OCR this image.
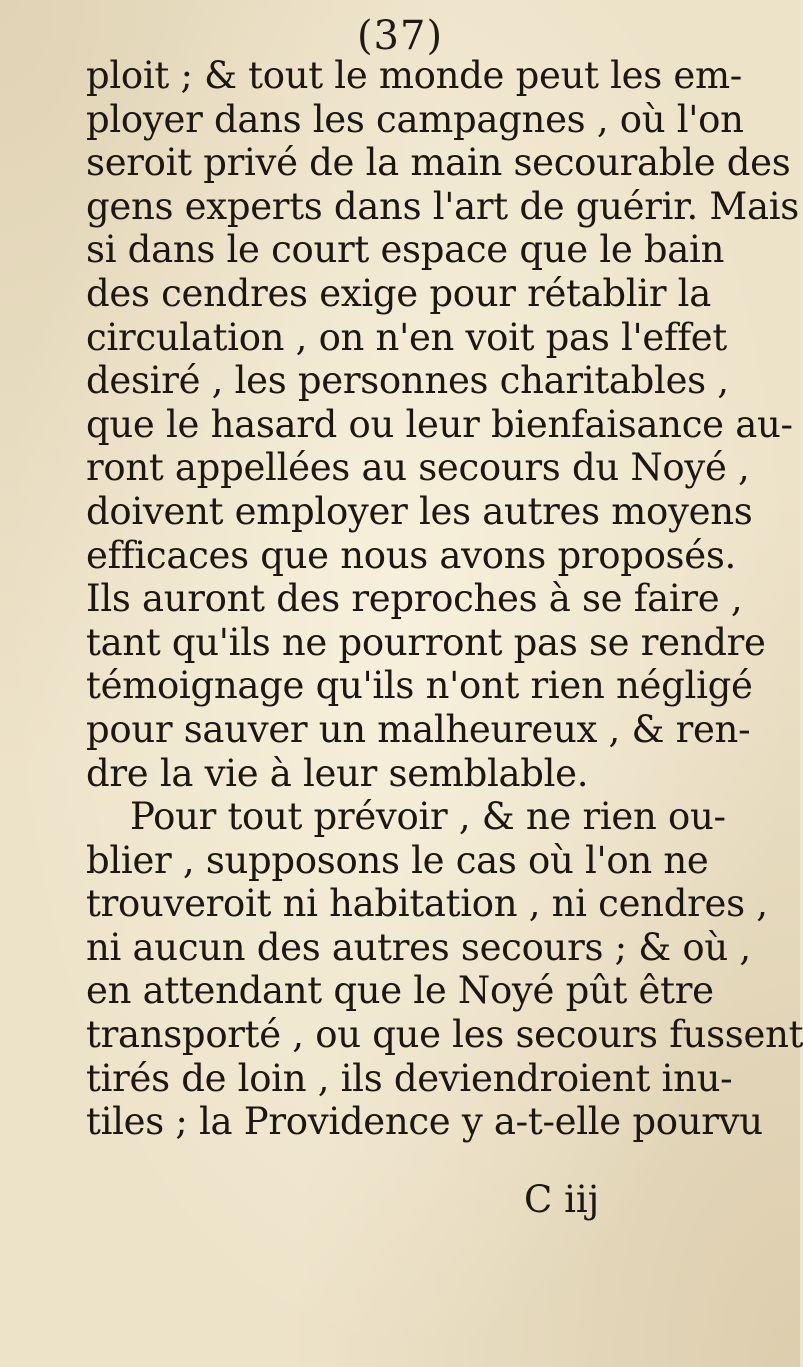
(37)
ploit ; & tout le monde peut les em-
ployer dans les campagnes , où l'on
seroit privé de la main secourable des
gens experts dans l'art de guérir. Mais
si dans le court espace que le bain
des cendres exige pour rétablir la
circulation , on n'en voit pas l'effet
desiré , les personnes charitables ,
que le hasard ou leur bienfaisance au-
ront appellées au secours du Noyé ,
doivent employer les autres moyens
efficaces que nous avons proposés.
Ils auront des reproches à se faire ,
tant qu'ils ne pourront pas se rendre
témoignage qu'ils n'ont rien négligé
pour sauver un malheureux , & ren-
dre la vie à leur semblable.
Pour tout prévoir , & ne rien ou-
blier , supposons le cas où l'on ne
trouveroit ni habitation , ni cendres ,
ni aucun des autres secours ; & où ,
en attendant que le Noyé pût être
transporté , ou que les secours fussent
tirés de loin , ils deviendroient inu-
tiles ; la Providence y a-t-elle pourvu
C iij
